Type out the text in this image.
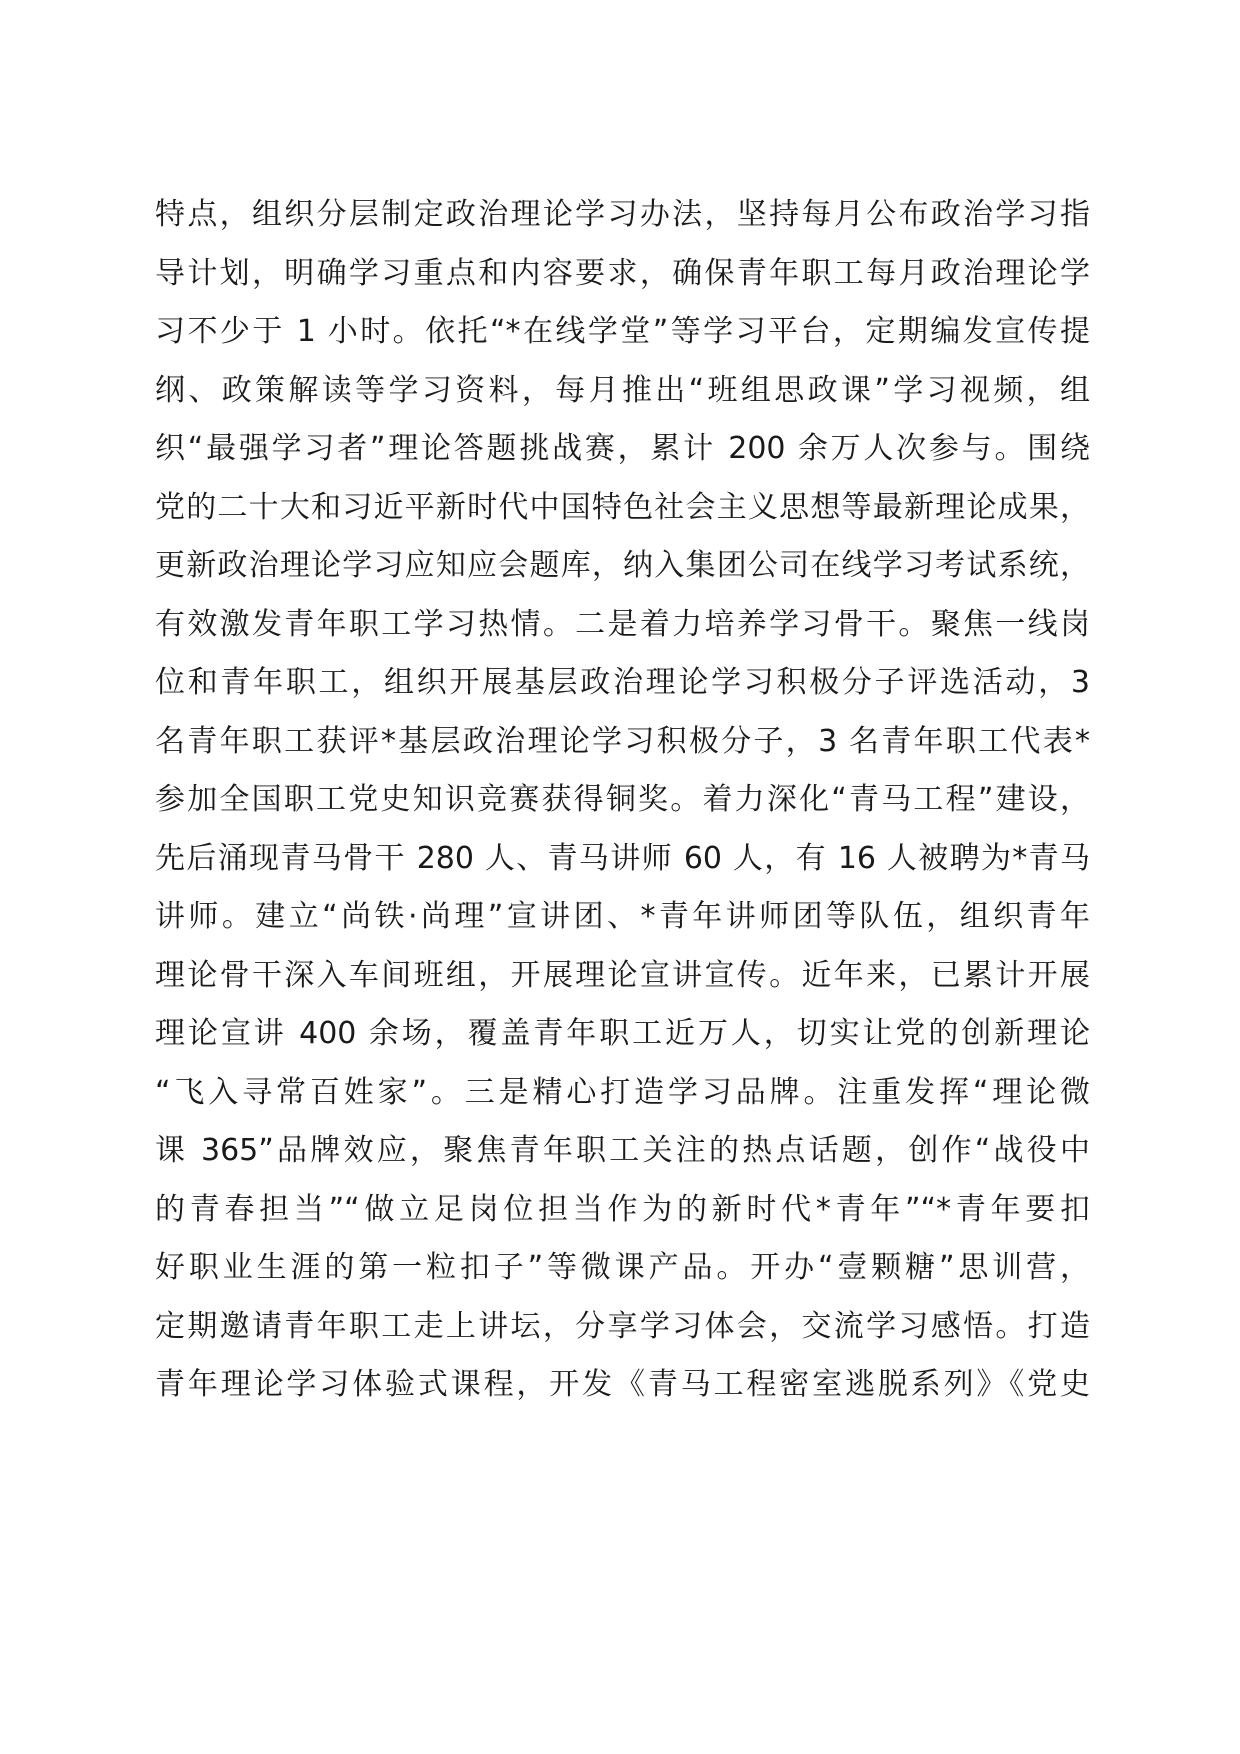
特点，组织分层制定政治理论学习办法，坚持每月公布政治学习指
导计划，明确学习重点和内容要求，确保青年职工每月政治理论学
习不少于 1 小时。依托“*在线学堂”等学习平台，定期编发宣传提
纲、政策解读等学习资料，每月推出“班组思政课”学习视频，组
织“最强学习者”理论答题挑战赛，累计 200 余万人次参与。围绕
党的二十大和习近平新时代中国特色社会主义思想等最新理论成果，
更新政治理论学习应知应会题库，纳入集团公司在线学习考试系统，
有效激发青年职工学习热情。二是着力培养学习骨干。聚焦一线岗
位和青年职工，组织开展基层政治理论学习积极分子评选活动，3
名青年职工获评*基层政治理论学习积极分子，3 名青年职工代表*
参加全国职工党史知识竞赛获得铜奖。着力深化“青马工程”建设，
先后涌现青马骨干 280 人、青马讲师 60 人，有 16 人被聘为*青马
讲师。建立“尚铁·尚理”宣讲团、*青年讲师团等队伍，组织青年
理论骨干深入车间班组，开展理论宣讲宣传。近年来，已累计开展
理论宣讲 400 余场，覆盖青年职工近万人，切实让党的创新理论
“飞入寻常百姓家”。三是精心打造学习品牌。注重发挥“理论微
课 365”品牌效应，聚焦青年职工关注的热点话题，创作“战役中
的青春担当”“做立足岗位担当作为的新时代*青年”“*青年要扣
好职业生涯的第一粒扣子”等微课产品。开办“壹颗糖”思训营，
定期邀请青年职工走上讲坛，分享学习体会，交流学习感悟。打造
青年理论学习体验式课程，开发《青马工程密室逃脱系列》《党史
